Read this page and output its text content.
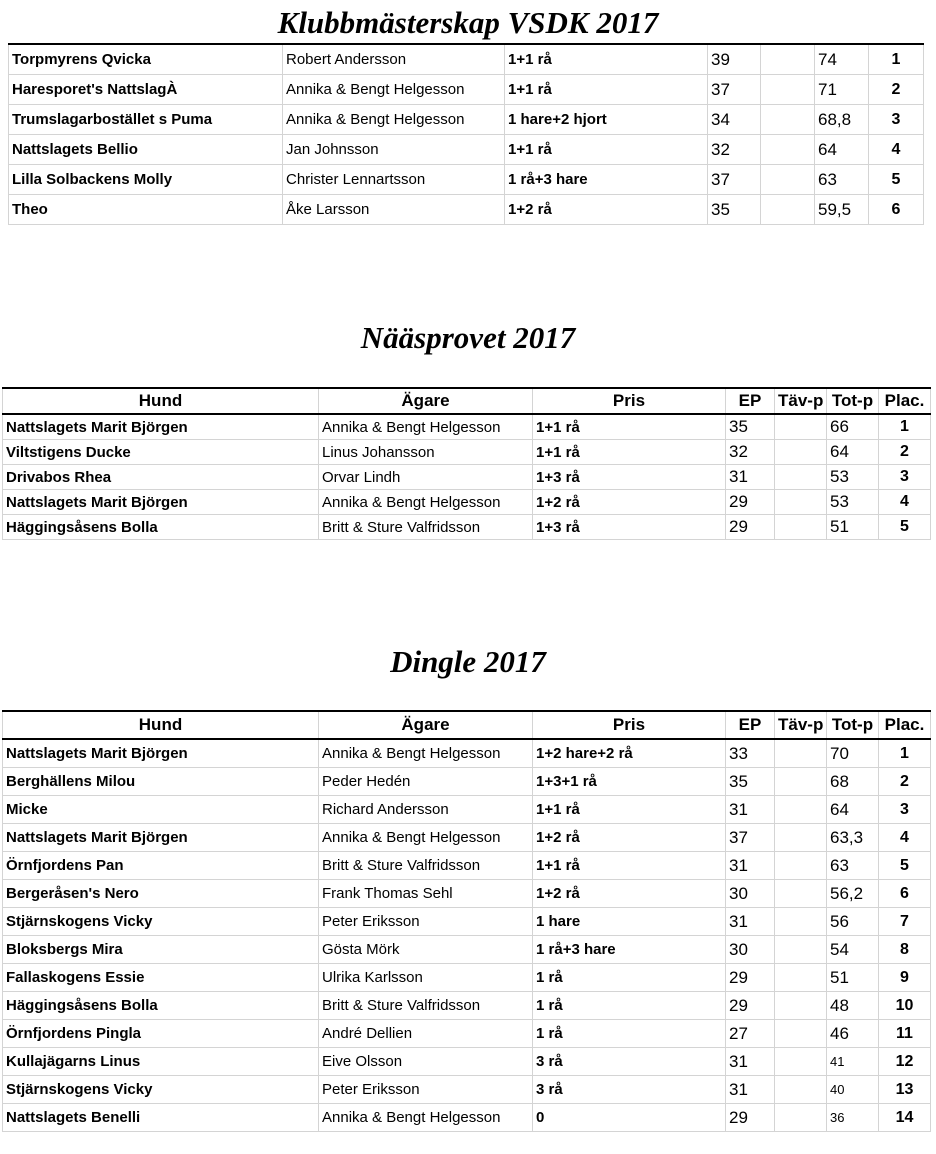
Klubbmästerskap VSDK 2017
Torpmyrens Qvicka	Robert Andersson	1+1 rå	39		74	1
Haresporet's NattslagÀ	Annika & Bengt Helgesson	1+1 rå	37		71	2
Trumslagarbostället s Puma	Annika & Bengt Helgesson	1 hare+2 hjort	34		68,8	3
Nattslagets Bellio	Jan Johnsson	1+1 rå	32		64	4
Lilla Solbackens Molly	Christer Lennartsson	1 rå+3 hare	37		63	5
Theo	Åke Larsson	1+2 rå	35		59,5	6
Nääsprovet 2017
Hund	Ägare	Pris	EP	Täv-p	Tot-p	Plac.
Nattslagets Marit Björgen	Annika & Bengt Helgesson	1+1 rå	35		66	1
Viltstigens Ducke	Linus Johansson	1+1 rå	32		64	2
Drivabos Rhea	Orvar Lindh	1+3 rå	31		53	3
Nattslagets Marit Björgen	Annika & Bengt Helgesson	1+2 rå	29		53	4
Häggingsåsens Bolla	Britt & Sture Valfridsson	1+3 rå	29		51	5
Dingle 2017
Hund	Ägare	Pris	EP	Täv-p	Tot-p	Plac.
Nattslagets Marit Björgen	Annika & Bengt Helgesson	1+2 hare+2 rå	33		70	1
Berghällens Milou	Peder Hedén	1+3+1 rå	35		68	2
Micke	Richard Andersson	1+1 rå	31		64	3
Nattslagets Marit Björgen	Annika & Bengt Helgesson	1+2 rå	37		63,3	4
Örnfjordens Pan	Britt & Sture Valfridsson	1+1 rå	31		63	5
Bergeråsen's Nero	Frank Thomas Sehl	1+2 rå	30		56,2	6
Stjärnskogens Vicky	Peter Eriksson	1 hare	31		56	7
Bloksbergs Mira	Gösta Mörk	1 rå+3 hare	30		54	8
Fallaskogens Essie	Ulrika Karlsson	1 rå	29		51	9
Häggingsåsens Bolla	Britt & Sture Valfridsson	1 rå	29		48	10
Örnfjordens Pingla	André Dellien	1 rå	27		46	11
Kullajägarns Linus	Eive Olsson	3 rå	31		41	12
Stjärnskogens Vicky	Peter Eriksson	3 rå	31		40	13
Nattslagets Benelli	Annika & Bengt Helgesson	0	29		36	14
